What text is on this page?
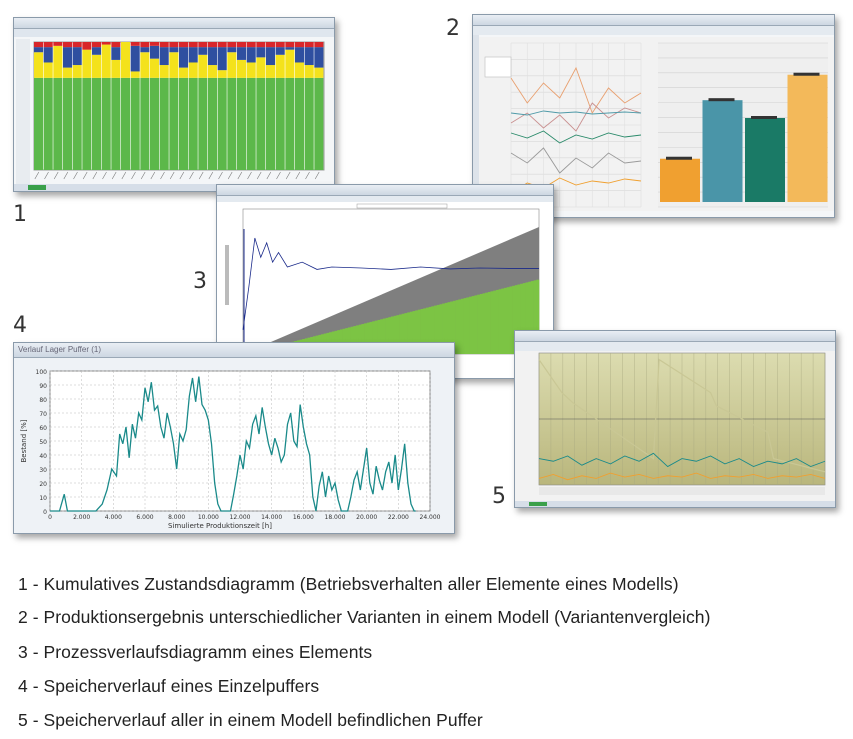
1
2
3
4
5
Verlauf Lager Puffer (1)
0
10
20
30
40
50
60
70
80
90
100
0	2.000 4.000 6.000 8.000 10.000 12.000 14.000 16.000 18.000 20.000 22.000 24.000
Simulierte Produktionszeit [h]
Bestand [%]
1 - Kumulatives Zustandsdiagramm (Betriebsverhalten aller Elemente eines Modells)
2 - Produktionsergebnis unterschiedlicher Varianten in einem Modell (Variantenvergleich)
3 - Prozessverlaufsdiagramm eines Elements
4 - Speicherverlauf eines Einzelpuffers
5 - Speicherverlauf aller in einem Modell befindlichen Puffer
